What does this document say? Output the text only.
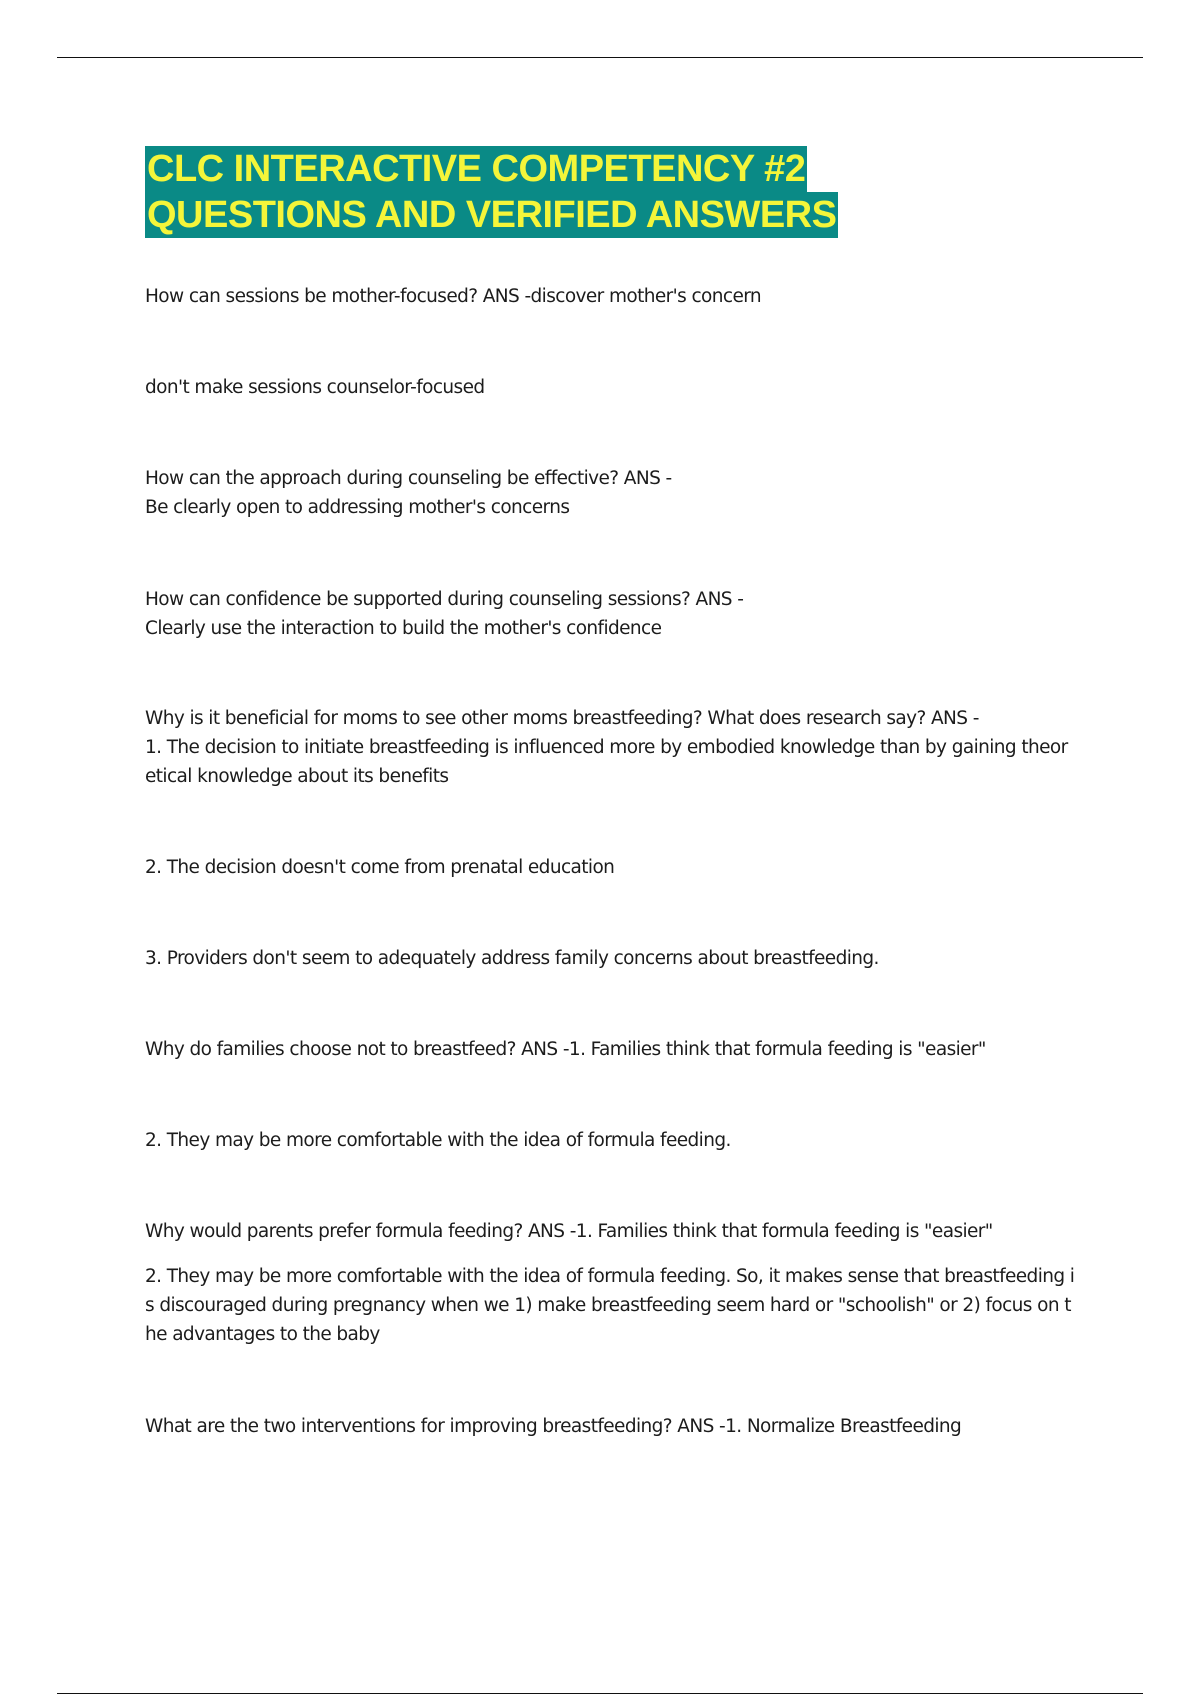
CLC INTERACTIVE COMPETENCY #2
QUESTIONS AND VERIFIED ANSWERS

How can sessions be mother-focused? ANS -discover mother's concern

don't make sessions counselor-focused

How can the approach during counseling be effective? ANS -
Be clearly open to addressing mother's concerns

How can confidence be supported during counseling sessions? ANS -
Clearly use the interaction to build the mother's confidence

Why is it beneficial for moms to see other moms breastfeeding? What does research say? ANS -
1. The decision to initiate breastfeeding is influenced more by embodied knowledge than by gaining theor
etical knowledge about its benefits

2. The decision doesn't come from prenatal education

3. Providers don't seem to adequately address family concerns about breastfeeding.

Why do families choose not to breastfeed? ANS -1. Families think that formula feeding is "easier"

2. They may be more comfortable with the idea of formula feeding.

Why would parents prefer formula feeding? ANS -1. Families think that formula feeding is "easier"

2. They may be more comfortable with the idea of formula feeding. So, it makes sense that breastfeeding i
s discouraged during pregnancy when we 1) make breastfeeding seem hard or "schoolish" or 2) focus on t
he advantages to the baby

What are the two interventions for improving breastfeeding? ANS -1. Normalize Breastfeeding
